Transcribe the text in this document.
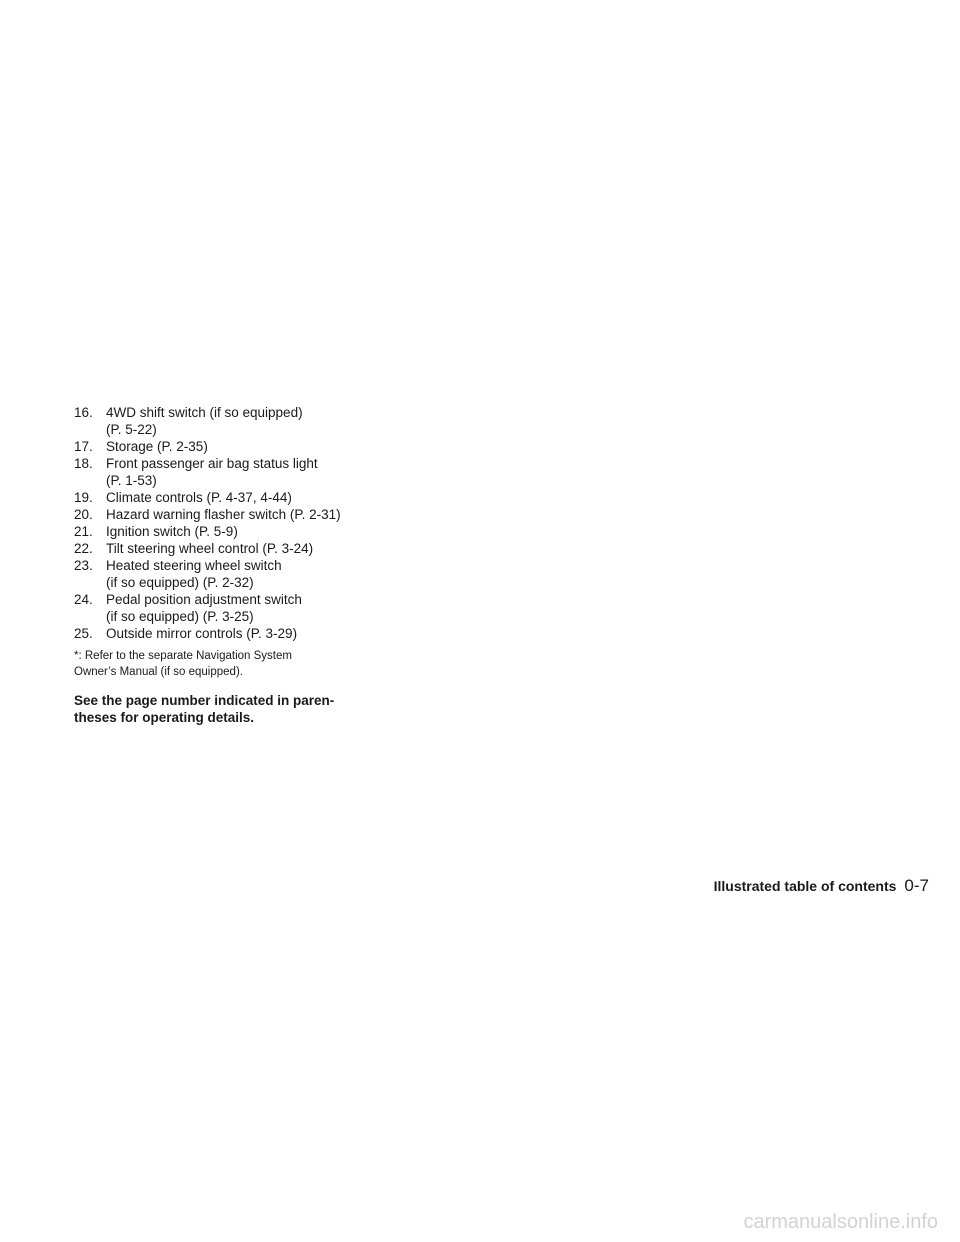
16. 4WD shift switch (if so equipped)
(P. 5-22)
17. Storage (P. 2-35)
18. Front passenger air bag status light
(P. 1-53)
19. Climate controls (P. 4-37, 4-44)
20. Hazard warning flasher switch (P. 2-31)
21. Ignition switch (P. 5-9)
22. Tilt steering wheel control (P. 3-24)
23. Heated steering wheel switch
(if so equipped) (P. 2-32)
24. Pedal position adjustment switch
(if so equipped) (P. 3-25)
25. Outside mirror controls (P. 3-29)
*: Refer to the separate Navigation System
Owner’s Manual (if so equipped).
See the page number indicated in paren-
theses for operating details.
Illustrated table of contents 0-7
carmanualsonline.info
